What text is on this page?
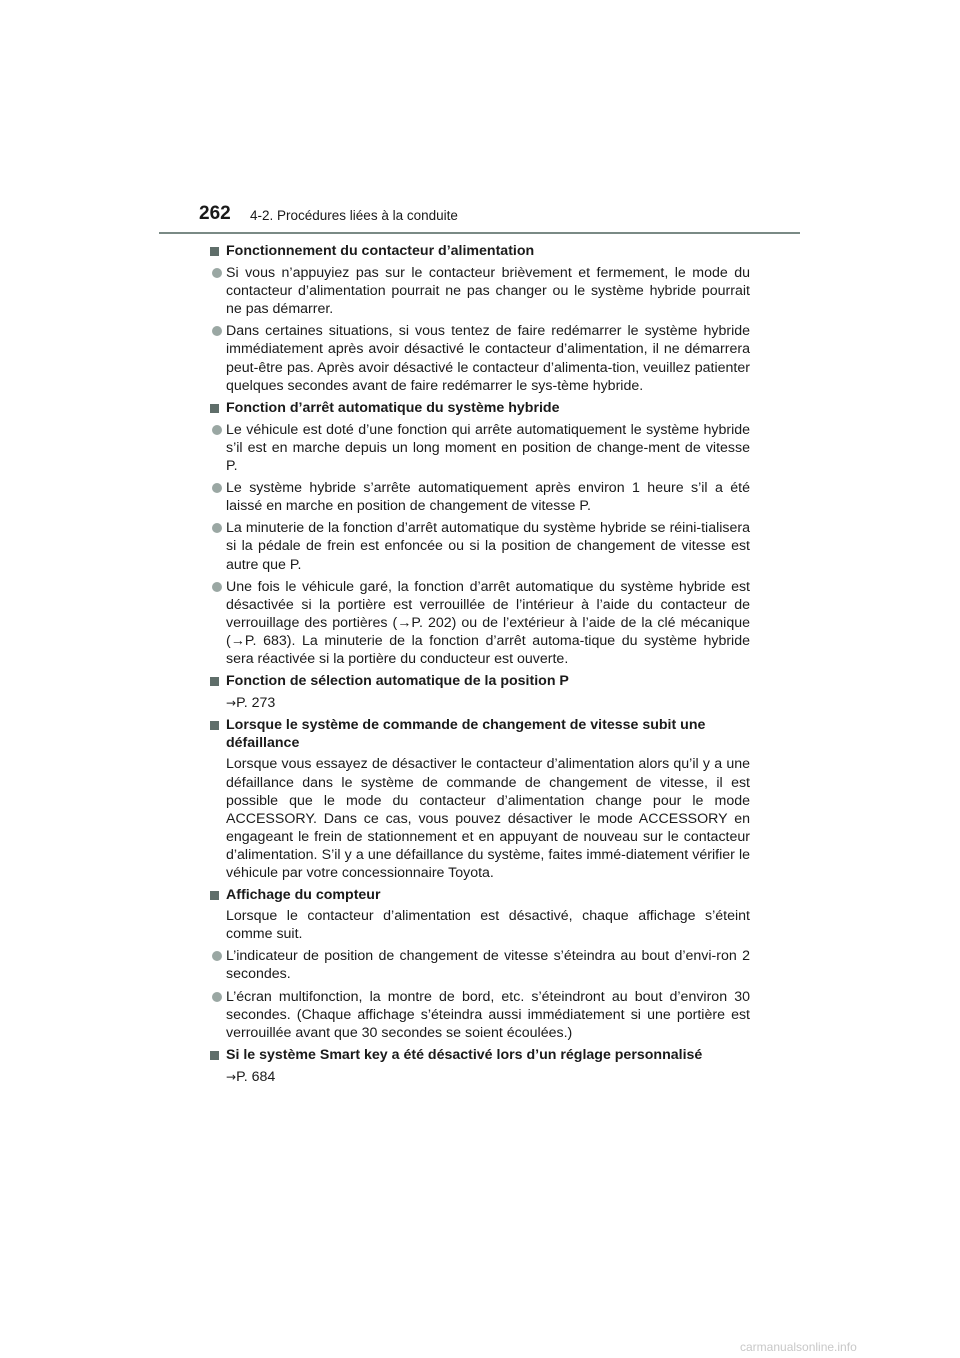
262 4-2. Procédures liées à la conduite
Fonctionnement du contacteur d’alimentation
Si vous n’appuyiez pas sur le contacteur brièvement et fermement, le mode du contacteur d’alimentation pourrait ne pas changer ou le système hybride pourrait ne pas démarrer.
Dans certaines situations, si vous tentez de faire redémarrer le système hybride immédiatement après avoir désactivé le contacteur d’alimentation, il ne démarrera peut-être pas. Après avoir désactivé le contacteur d’alimenta-tion, veuillez patienter quelques secondes avant de faire redémarrer le sys-tème hybride.
Fonction d’arrêt automatique du système hybride
Le véhicule est doté d’une fonction qui arrête automatiquement le système hybride s’il est en marche depuis un long moment en position de change-ment de vitesse P.
Le système hybride s’arrête automatiquement après environ 1 heure s’il a été laissé en marche en position de changement de vitesse P.
La minuterie de la fonction d’arrêt automatique du système hybride se réini-tialisera si la pédale de frein est enfoncée ou si la position de changement de vitesse est autre que P.
Une fois le véhicule garé, la fonction d’arrêt automatique du système hybride est désactivée si la portière est verrouillée de l’intérieur à l’aide du contacteur de verrouillage des portières (→P. 202) ou de l’extérieur à l’aide de la clé mécanique (→P. 683). La minuterie de la fonction d’arrêt automa-tique du système hybride sera réactivée si la portière du conducteur est ouverte.
Fonction de sélection automatique de la position P
→P. 273
Lorsque le système de commande de changement de vitesse subit une défaillance
Lorsque vous essayez de désactiver le contacteur d’alimentation alors qu’il y a une défaillance dans le système de commande de changement de vitesse, il est possible que le mode du contacteur d’alimentation change pour le mode ACCESSORY. Dans ce cas, vous pouvez désactiver le mode ACCESSORY en engageant le frein de stationnement et en appuyant de nouveau sur le contacteur d’alimentation. S’il y a une défaillance du système, faites immé-diatement vérifier le véhicule par votre concessionnaire Toyota.
Affichage du compteur
Lorsque le contacteur d’alimentation est désactivé, chaque affichage s’éteint comme suit.
L’indicateur de position de changement de vitesse s’éteindra au bout d’envi-ron 2 secondes.
L’écran multifonction, la montre de bord, etc. s’éteindront au bout d’environ 30 secondes. (Chaque affichage s’éteindra aussi immédiatement si une portière est verrouillée avant que 30 secondes se soient écoulées.)
Si le système Smart key a été désactivé lors d’un réglage personnalisé
→P. 684
carmanualsonline.info
